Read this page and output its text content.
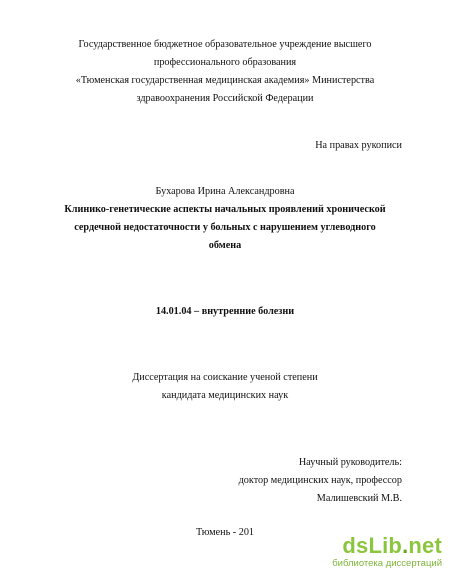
Государственное бюджетное образовательное учреждение высшего
профессионального образования
«Тюменская государственная медицинская академия» Министерства
здравоохранения Российской Федерации
На правах рукописи
Бухарова Ирина Александровна
Клинико-генетические аспекты начальных проявлений хронической
сердечной недостаточности у больных с нарушением углеводного
обмена
14.01.04 – внутренние болезни
Диссертация на соискание ученой степени
кандидата медицинских наук
Научный руководитель:
доктор медицинских наук, профессор
Малишевский М.В.
Тюмень - 201
dsLib.net
библиотека диссертаций
